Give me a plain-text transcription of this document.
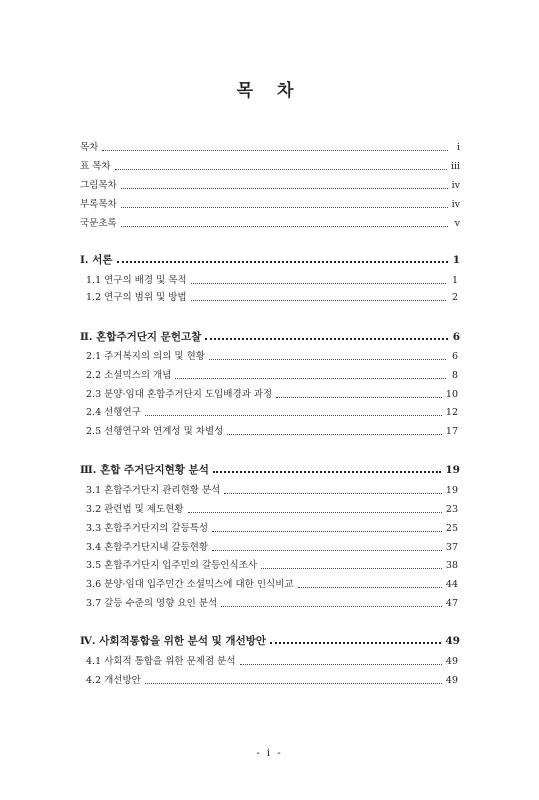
목 차
목차	i
표 목차	iii
그림목차	ⅳ
부록목차	ⅳ
국문초록	ⅴ
Ⅰ. 서론	1
1.1 연구의 배경 및 목적	1
1.2 연구의 범위 및 방법	2
Ⅱ. 혼합주거단지 문헌고찰	6
2.1 주거복지의 의의 및 현황	6
2.2 소셜믹스의 개념	8
2.3 분양·임대 혼합주거단지 도입배경과 과정	10
2.4 선행연구	12
2.5 선행연구와 연계성 및 차별성	17
Ⅲ. 혼합 주거단지현황 분석	19
3.1 혼합주거단지 관리현황 분석	19
3.2 관련법 및 제도현황	23
3.3 혼합주거단지의 갈등특성	25
3.4 혼합주거단지내 갈등현황	37
3.5 혼합주거단지 입주민의 갈등인식조사	38
3.6 분양·임대 입주민간 소셜믹스에 대한 인식비교	44
3.7 갈등 수준의 영향 요인 분석	47
Ⅳ. 사회적통합을 위한 분석 및 개선방안	49
4.1 사회적 통합을 위한 문제점 분석	49
4.2 개선방안	49
- i -
